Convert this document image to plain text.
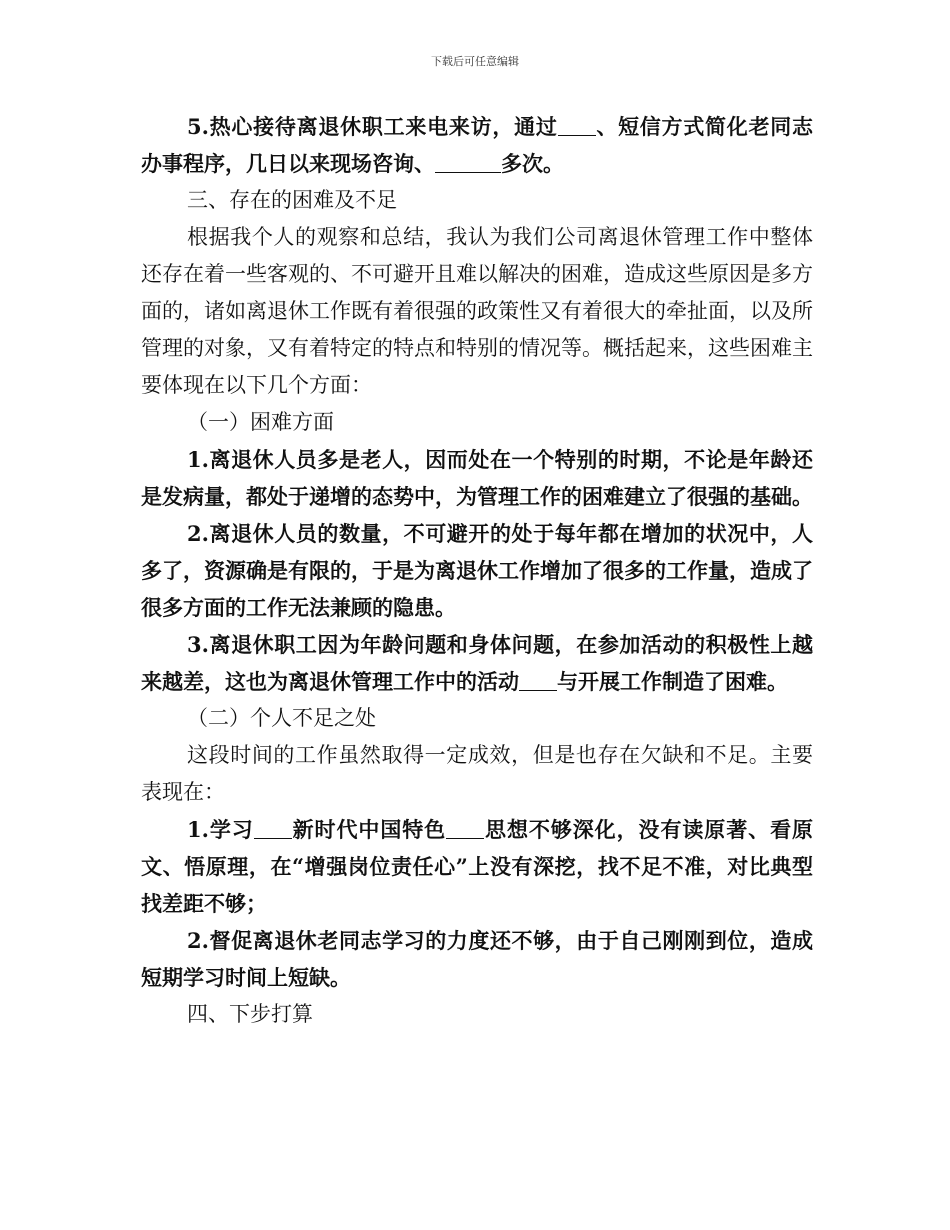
下载后可任意编辑

5.热心接待离退休职工来电来访，通过 、短信方式简化老同志办事程序，几日以来现场咨询、	多次。

三、存在的困难及不足

根据我个人的观察和总结，我认为我们公司离退休管理工作中整体还存在着一些客观的、不可避开且难以解决的困难，造成这些原因是多方面的，诸如离退休工作既有着很强的政策性又有着很大的牵扯面，以及所管理的对象，又有着特定的特点和特别的情况等。概括起来，这些困难主要体现在以下几个方面：

（一）困难方面

1.离退休人员多是老人，因而处在一个特别的时期，不论是年龄还是发病量，都处于递增的态势中，为管理工作的困难建立了很强的基础。

2.离退休人员的数量，不可避开的处于每年都在增加的状况中，人多了，资源确是有限的，于是为离退休工作增加了很多的工作量，造成了很多方面的工作无法兼顾的隐患。

3.离退休职工因为年龄问题和身体问题，在参加活动的积极性上越来越差，这也为离退休管理工作中的活动 与开展工作制造了困难。

（二）个人不足之处

这段时间的工作虽然取得一定成效，但是也存在欠缺和不足。主要表现在：

1.学习 新时代中国特色 思想不够深化，没有读原著、看原文、悟原理，在“增强岗位责任心”上没有深挖，找不足不准，对比典型找差距不够；

2.督促离退休老同志学习的力度还不够，由于自己刚刚到位，造成短期学习时间上短缺。

四、下步打算
